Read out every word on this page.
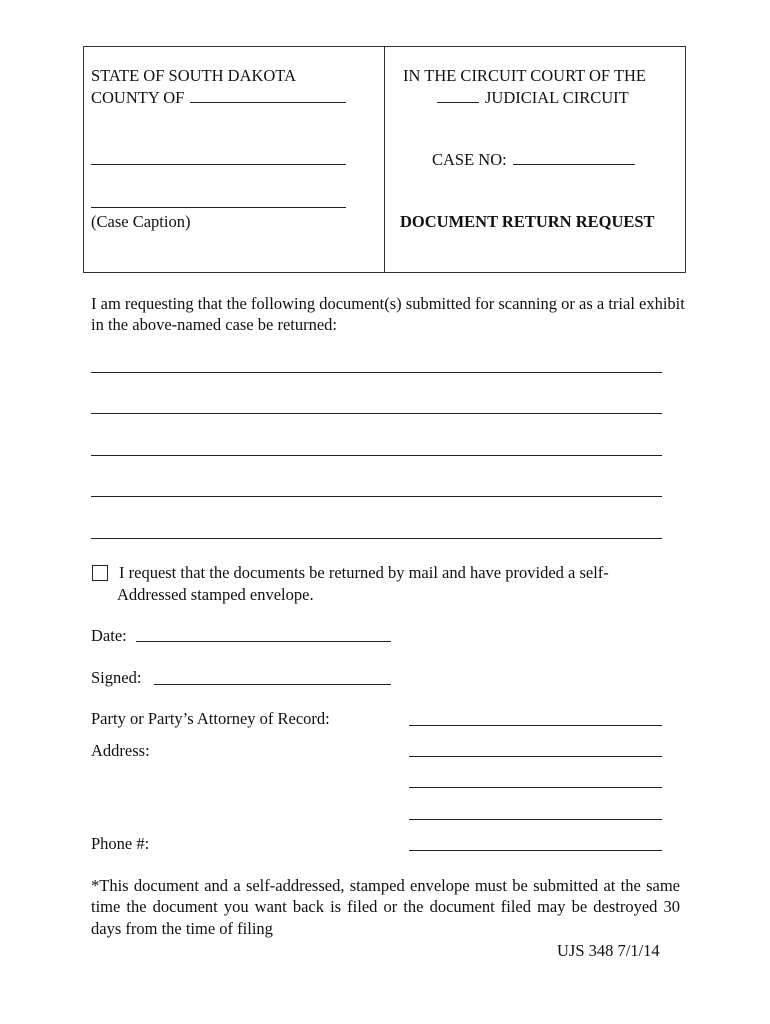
STATE OF SOUTH DAKOTA
COUNTY OF
IN THE CIRCUIT COURT OF THE
JUDICIAL CIRCUIT
(Case Caption)
CASE NO:
DOCUMENT RETURN REQUEST
I am requesting that the following document(s) submitted for scanning or as a trial exhibit in the above-named case be returned:
I request that the documents be returned by mail and have provided a self-
Addressed stamped envelope.
Date:
Signed:
Party or Party’s Attorney of Record:
Address:
Phone #:
*This document and a self-addressed, stamped envelope must be submitted at the same time the document you want back is filed or the document filed may be destroyed 30 days from the time of filing
UJS 348 7/1/14
